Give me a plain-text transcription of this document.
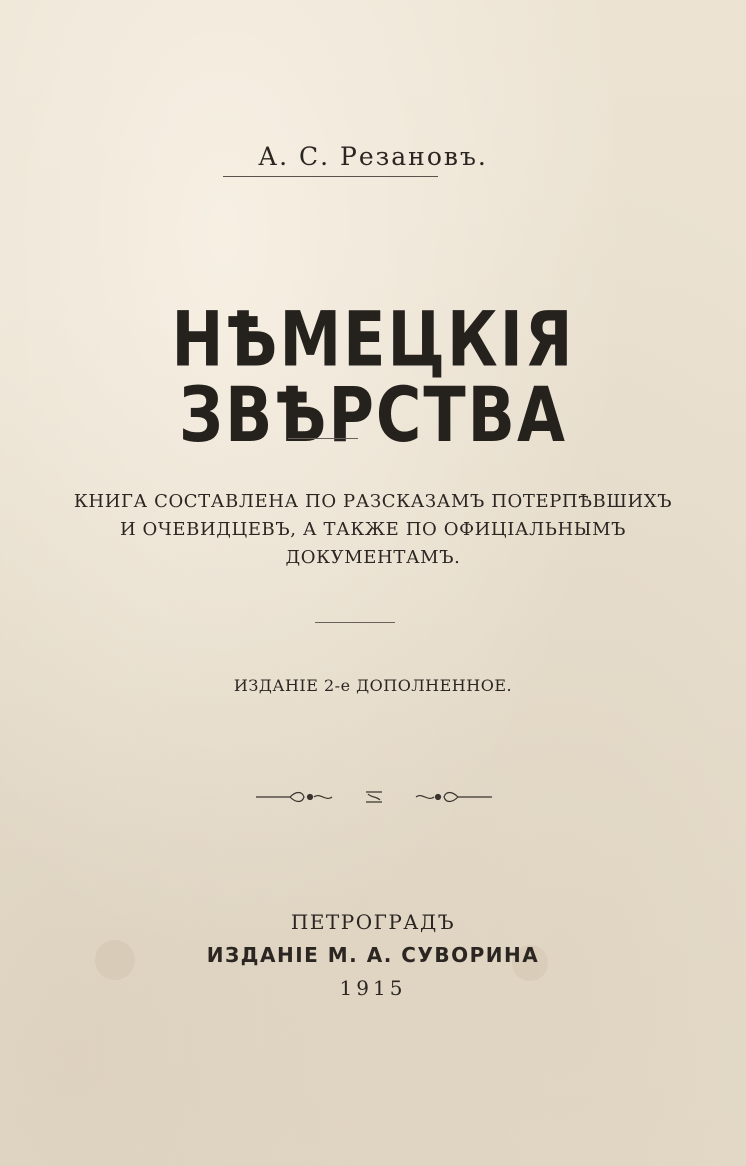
А. С. Резановъ.
НѢМЕЦКІЯ ЗВѢРСТВА
КНИГА СОСТАВЛЕНА ПО РАЗСКАЗАМЪ ПОТЕРПѢВШИХЪ
И ОЧЕВИДЦЕВЪ, А ТАКЖЕ ПО ОФИЦІАЛЬНЫМЪ
ДОКУМЕНТАМЪ.
ИЗДАНІЕ 2-е ДОПОЛНЕННОЕ.
ПЕТРОГРАДЪ
ИЗДАНІЕ М. А. СУВОРИНА
1915
